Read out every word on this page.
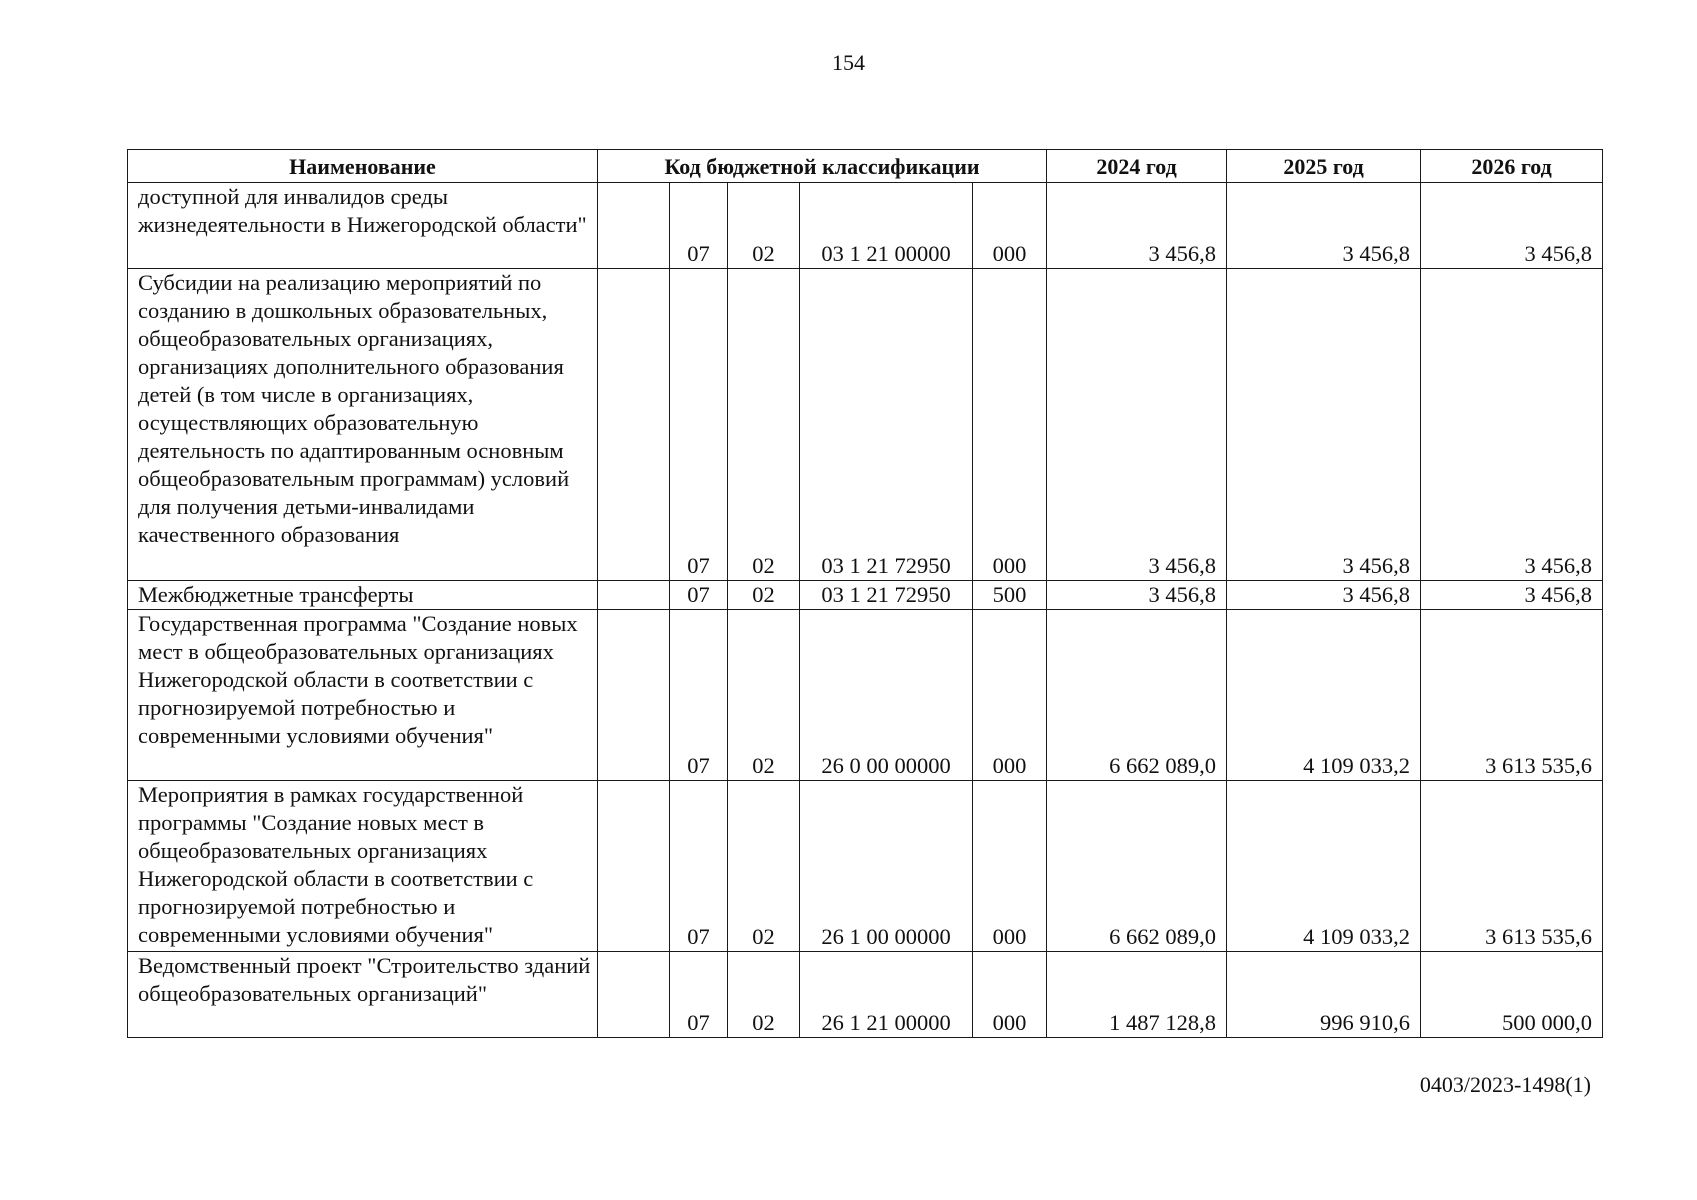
154
Наименование	Код бюджетной классификации					2024 год	2025 год	2026 год
доступной для инвалидов среды жизнедеятельности в Нижегородской области"		07	02	03 1 21 00000	000	3 456,8	3 456,8	3 456,8
Субсидии на реализацию мероприятий по созданию в дошкольных образовательных, общеобразовательных организациях, организациях дополнительного образования детей (в том числе в организациях, осуществляющих образовательную деятельность по адаптированным основным общеобразовательным программам) условий для получения детьми-инвалидами качественного образования		07	02	03 1 21 72950	000	3 456,8	3 456,8	3 456,8
Межбюджетные трансферты		07	02	03 1 21 72950	500	3 456,8	3 456,8	3 456,8
Государственная программа "Создание новых мест в общеобразовательных организациях Нижегородской области в соответствии с прогнозируемой потребностью и современными условиями обучения"		07	02	26 0 00 00000	000	6 662 089,0	4 109 033,2	3 613 535,6
Мероприятия в рамках государственной программы "Создание новых мест в общеобразовательных организациях Нижегородской области в соответствии с прогнозируемой потребностью и современными условиями обучения"		07	02	26 1 00 00000	000	6 662 089,0	4 109 033,2	3 613 535,6
Ведомственный проект "Строительство зданий общеобразовательных организаций"		07	02	26 1 21 00000	000	1 487 128,8	996 910,6	500 000,0
0403/2023-1498(1)
